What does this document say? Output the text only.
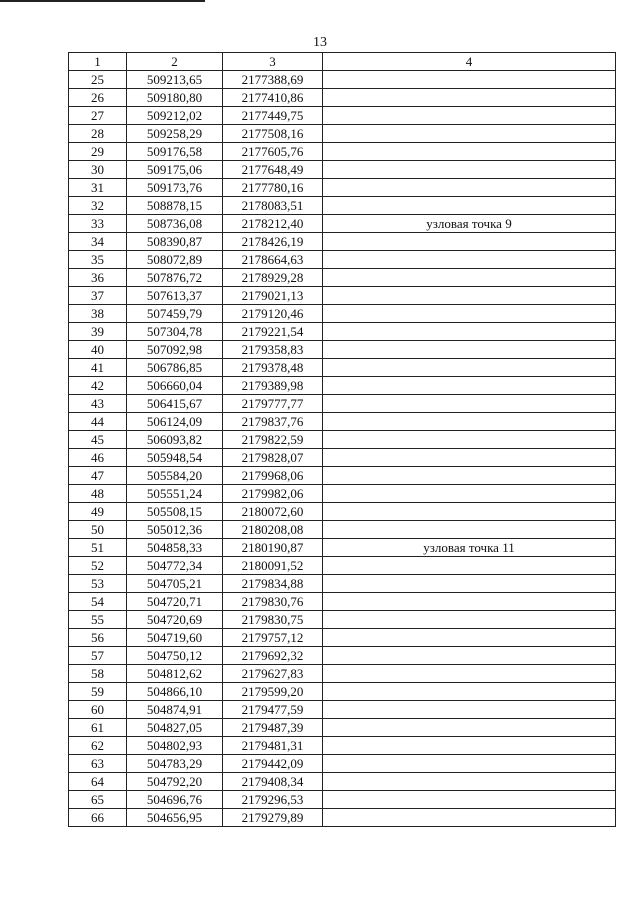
13
1	2	3	4
25	509213,65	2177388,69	
26	509180,80	2177410,86	
27	509212,02	2177449,75	
28	509258,29	2177508,16	
29	509176,58	2177605,76	
30	509175,06	2177648,49	
31	509173,76	2177780,16	
32	508878,15	2178083,51	
33	508736,08	2178212,40	узловая точка 9
34	508390,87	2178426,19	
35	508072,89	2178664,63	
36	507876,72	2178929,28	
37	507613,37	2179021,13	
38	507459,79	2179120,46	
39	507304,78	2179221,54	
40	507092,98	2179358,83	
41	506786,85	2179378,48	
42	506660,04	2179389,98	
43	506415,67	2179777,77	
44	506124,09	2179837,76	
45	506093,82	2179822,59	
46	505948,54	2179828,07	
47	505584,20	2179968,06	
48	505551,24	2179982,06	
49	505508,15	2180072,60	
50	505012,36	2180208,08	
51	504858,33	2180190,87	узловая точка 11
52	504772,34	2180091,52	
53	504705,21	2179834,88	
54	504720,71	2179830,76	
55	504720,69	2179830,75	
56	504719,60	2179757,12	
57	504750,12	2179692,32	
58	504812,62	2179627,83	
59	504866,10	2179599,20	
60	504874,91	2179477,59	
61	504827,05	2179487,39	
62	504802,93	2179481,31	
63	504783,29	2179442,09	
64	504792,20	2179408,34	
65	504696,76	2179296,53	
66	504656,95	2179279,89	
